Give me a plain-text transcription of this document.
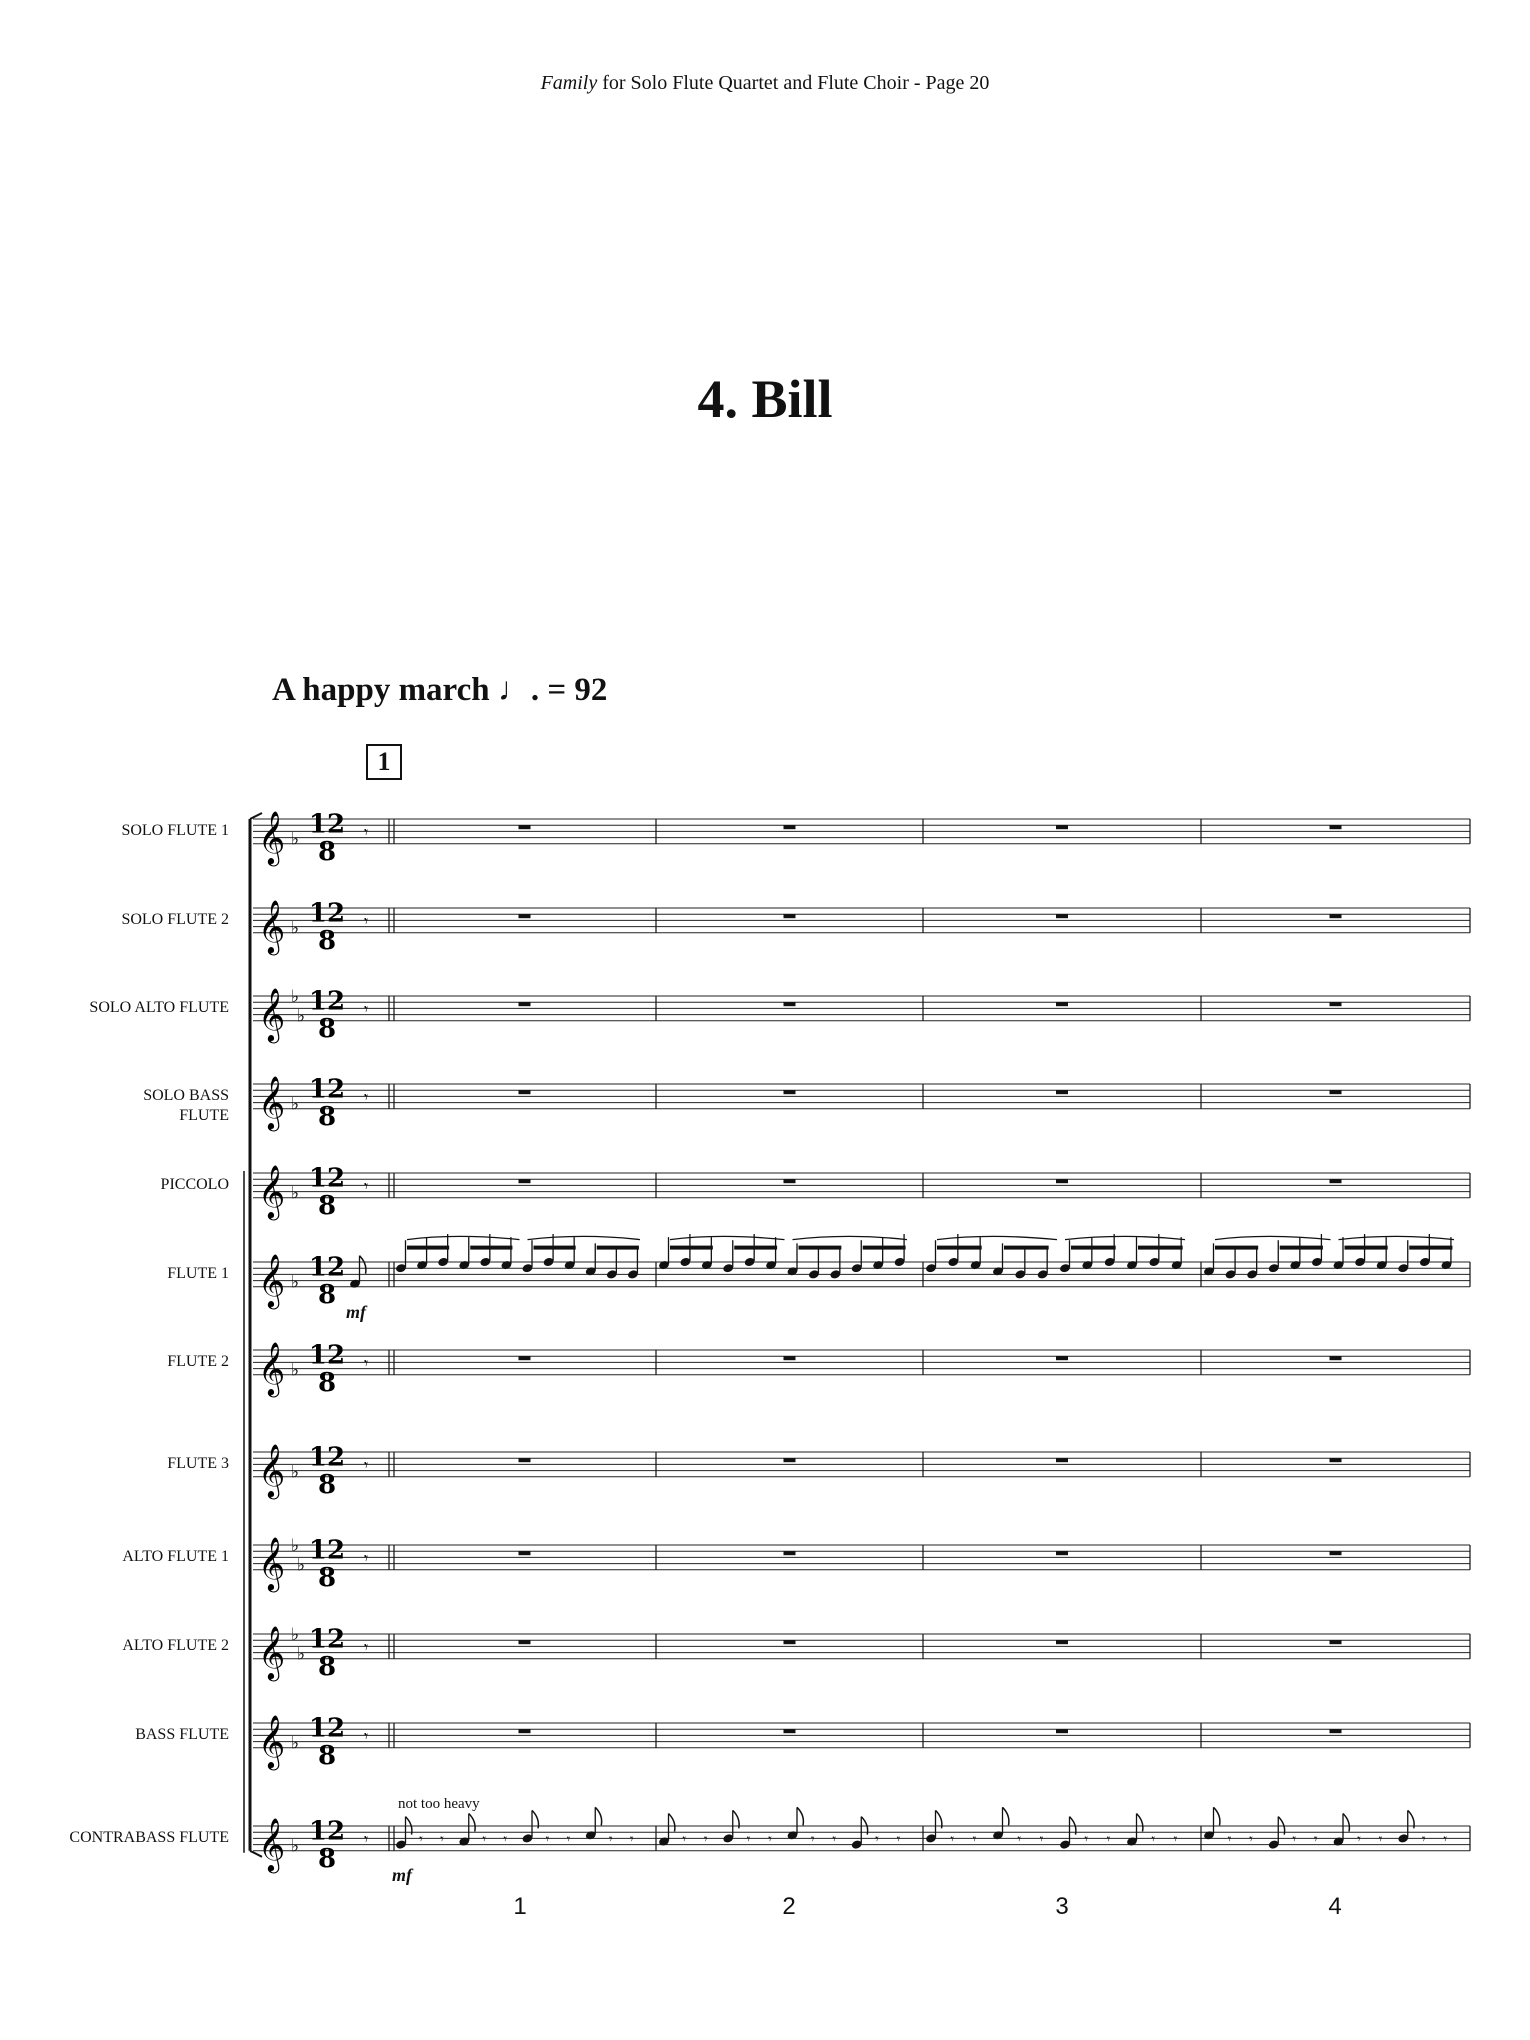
Family for Solo Flute Quartet and Flute Choir - Page 20
4. Bill
A happy march ♩. = 92
1
SOLO FLUTE 1
SOLO FLUTE 2
SOLO ALTO FLUTE
SOLO BASS
FLUTE
PICCOLO
FLUTE 1
FLUTE 2
FLUTE 3
ALTO FLUTE 1
ALTO FLUTE 2
BASS FLUTE
CONTRABASS FLUTE
𝄞 ♭
12
8
𝄾
𝄞 ♭
12
8
𝄾
𝄞 ♭
♭
12
8
𝄾
𝄞 ♭
12
8
𝄾
𝄞 ♭
12
8
𝄾
𝄞 ♭
12
8
𝄞 ♭
12
8
𝄾
𝄞 ♭
12
8
𝄾
𝄞 ♭
♭
12
8
𝄾
𝄞 ♭
♭
12
8
𝄾
𝄞 ♭
12
8
𝄾
𝄞 ♭
12
8
𝄾	𝄾 𝄾	𝄾 𝄾	𝄾 𝄾	𝄾 𝄾	𝄾 𝄾	𝄾 𝄾	𝄾 𝄾	𝄾 𝄾	𝄾 𝄾	𝄾 𝄾	𝄾 𝄾	𝄾 𝄾	𝄾 𝄾	𝄾 𝄾	𝄾 𝄾	𝄾 𝄾
not too heavy
mf
mf
1	2	3	4
